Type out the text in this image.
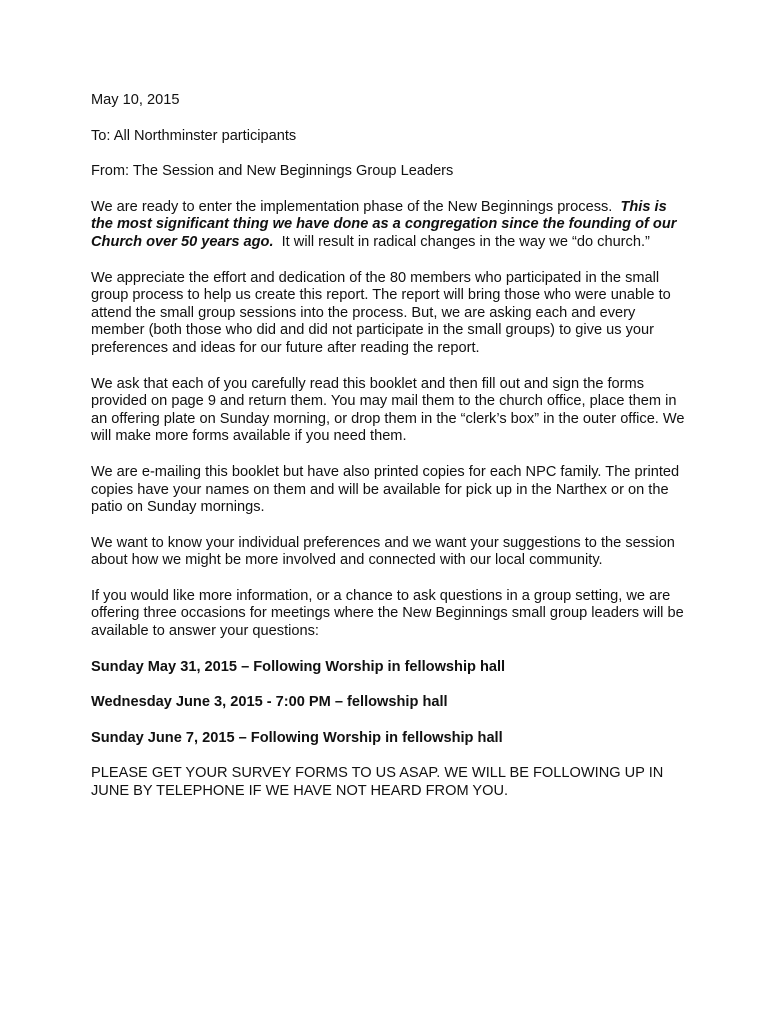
May 10, 2015

To: All Northminster participants

From: The Session and New Beginnings Group Leaders

We are ready to enter the implementation phase of the New Beginnings process. This is the most significant thing we have done as a congregation since the founding of our Church over 50 years ago. It will result in radical changes in the way we “do church.”

We appreciate the effort and dedication of the 80 members who participated in the small group process to help us create this report. The report will bring those who were unable to attend the small group sessions into the process. But, we are asking each and every member (both those who did and did not participate in the small groups) to give us your preferences and ideas for our future after reading the report.

We ask that each of you carefully read this booklet and then fill out and sign the forms provided on page 9 and return them. You may mail them to the church office, place them in an offering plate on Sunday morning, or drop them in the “clerk’s box” in the outer office. We will make more forms available if you need them.

We are e-mailing this booklet but have also printed copies for each NPC family. The printed copies have your names on them and will be available for pick up in the Narthex or on the patio on Sunday mornings.

We want to know your individual preferences and we want your suggestions to the session about how we might be more involved and connected with our local community.

If you would like more information, or a chance to ask questions in a group setting, we are offering three occasions for meetings where the New Beginnings small group leaders will be available to answer your questions:

Sunday May 31, 2015 – Following Worship in fellowship hall

Wednesday June 3, 2015 - 7:00 PM – fellowship hall

Sunday June 7, 2015 – Following Worship in fellowship hall

PLEASE GET YOUR SURVEY FORMS TO US ASAP. WE WILL BE FOLLOWING UP IN JUNE BY TELEPHONE IF WE HAVE NOT HEARD FROM YOU.
